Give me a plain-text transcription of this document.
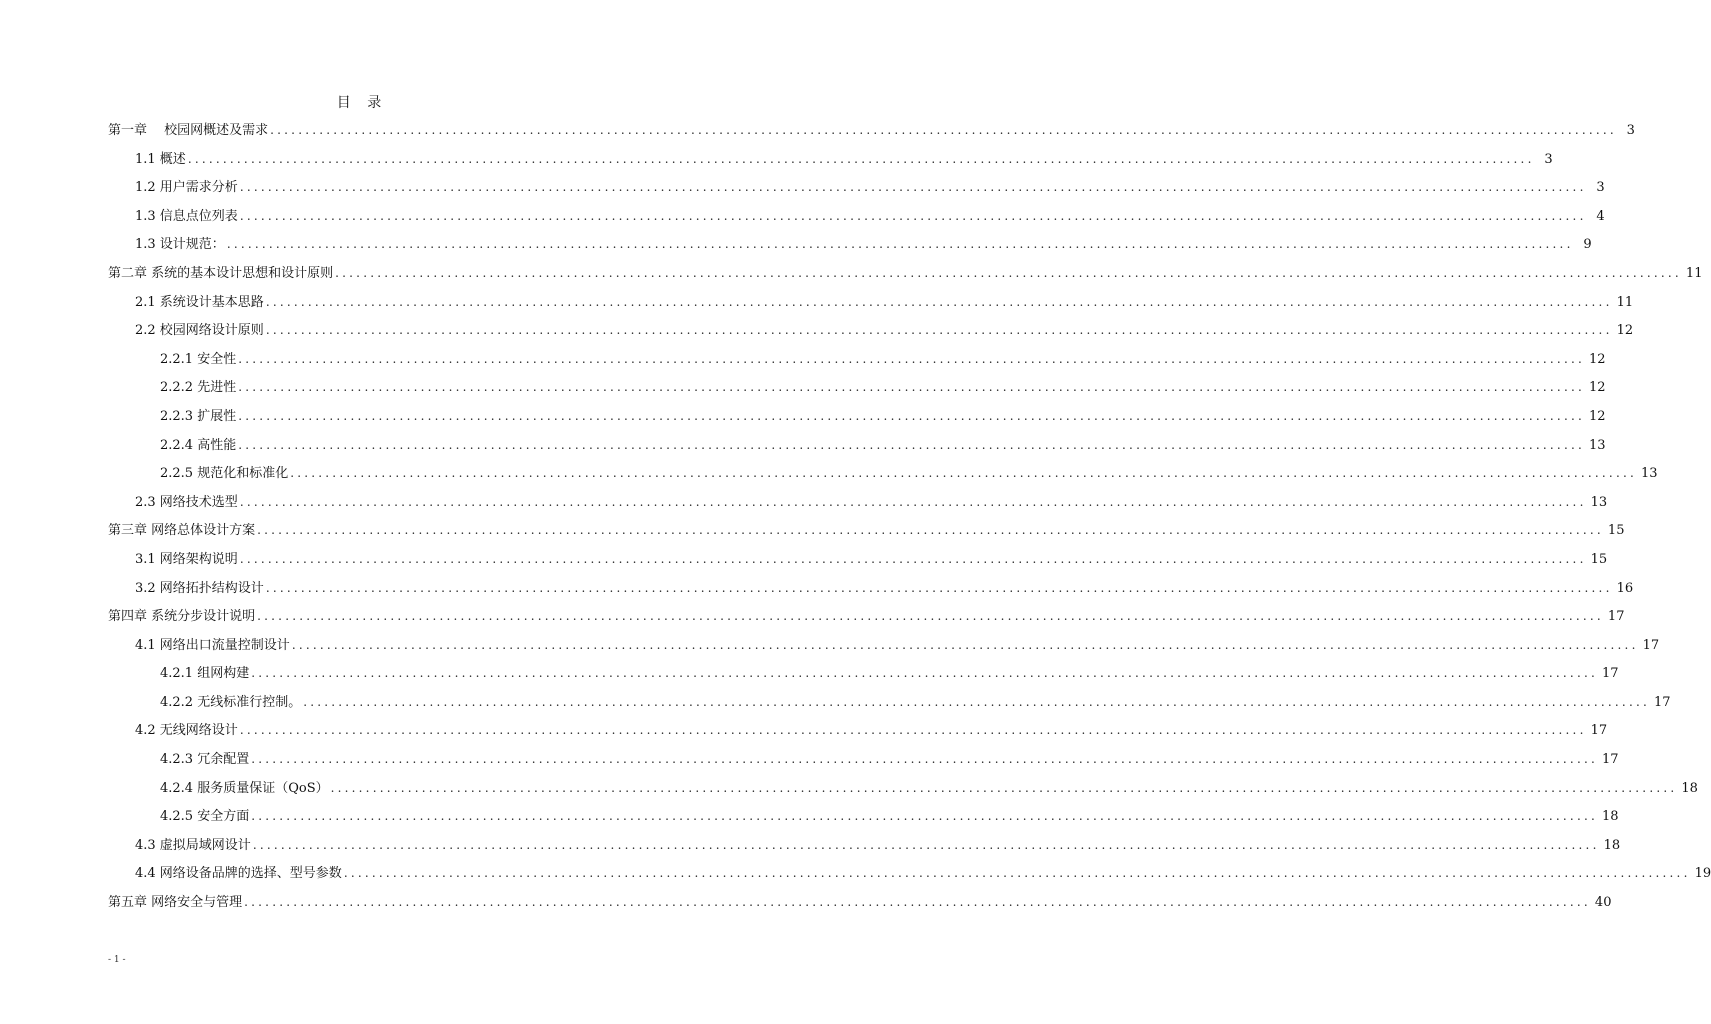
目 录
第一章　 校园网概述及需求 ................................................................................................................................................................................................ 3
1.1 概述 ................................................................................................................................................................................................ 3
1.2 用户需求分析 ................................................................................................................................................................................................ 3
1.3 信息点位列表 ................................................................................................................................................................................................ 4
1.3 设计规范： ................................................................................................................................................................................................ 9
第二章 系统的基本设计思想和设计原则 ................................................................................................................................................................................................ 11
2.1 系统设计基本思路 ................................................................................................................................................................................................ 11
2.2 校园网络设计原则 ................................................................................................................................................................................................ 12
2.2.1 安全性 ................................................................................................................................................................................................ 12
2.2.2 先进性 ................................................................................................................................................................................................ 12
2.2.3 扩展性 ................................................................................................................................................................................................ 12
2.2.4 高性能 ................................................................................................................................................................................................ 13
2.2.5 规范化和标准化 ................................................................................................................................................................................................ 13
2.3 网络技术选型 ................................................................................................................................................................................................ 13
第三章 网络总体设计方案 ................................................................................................................................................................................................ 15
3.1 网络架构说明 ................................................................................................................................................................................................ 15
3.2 网络拓扑结构设计 ................................................................................................................................................................................................ 16
第四章 系统分步设计说明 ................................................................................................................................................................................................ 17
4.1 网络出口流量控制设计 ................................................................................................................................................................................................ 17
4.2.1 组网构建 ................................................................................................................................................................................................ 17
4.2.2 无线标准行控制。 ................................................................................................................................................................................................ 17
4.2 无线网络设计 ................................................................................................................................................................................................ 17
4.2.3 冗余配置 ................................................................................................................................................................................................ 17
4.2.4 服务质量保证（QoS） ................................................................................................................................................................................................ 18
4.2.5 安全方面 ................................................................................................................................................................................................ 18
4.3 虚拟局域网设计 ................................................................................................................................................................................................ 18
4.4 网络设备品牌的选择、型号参数 ................................................................................................................................................................................................ 19
第五章 网络安全与管理 ................................................................................................................................................................................................ 40
- 1 -
